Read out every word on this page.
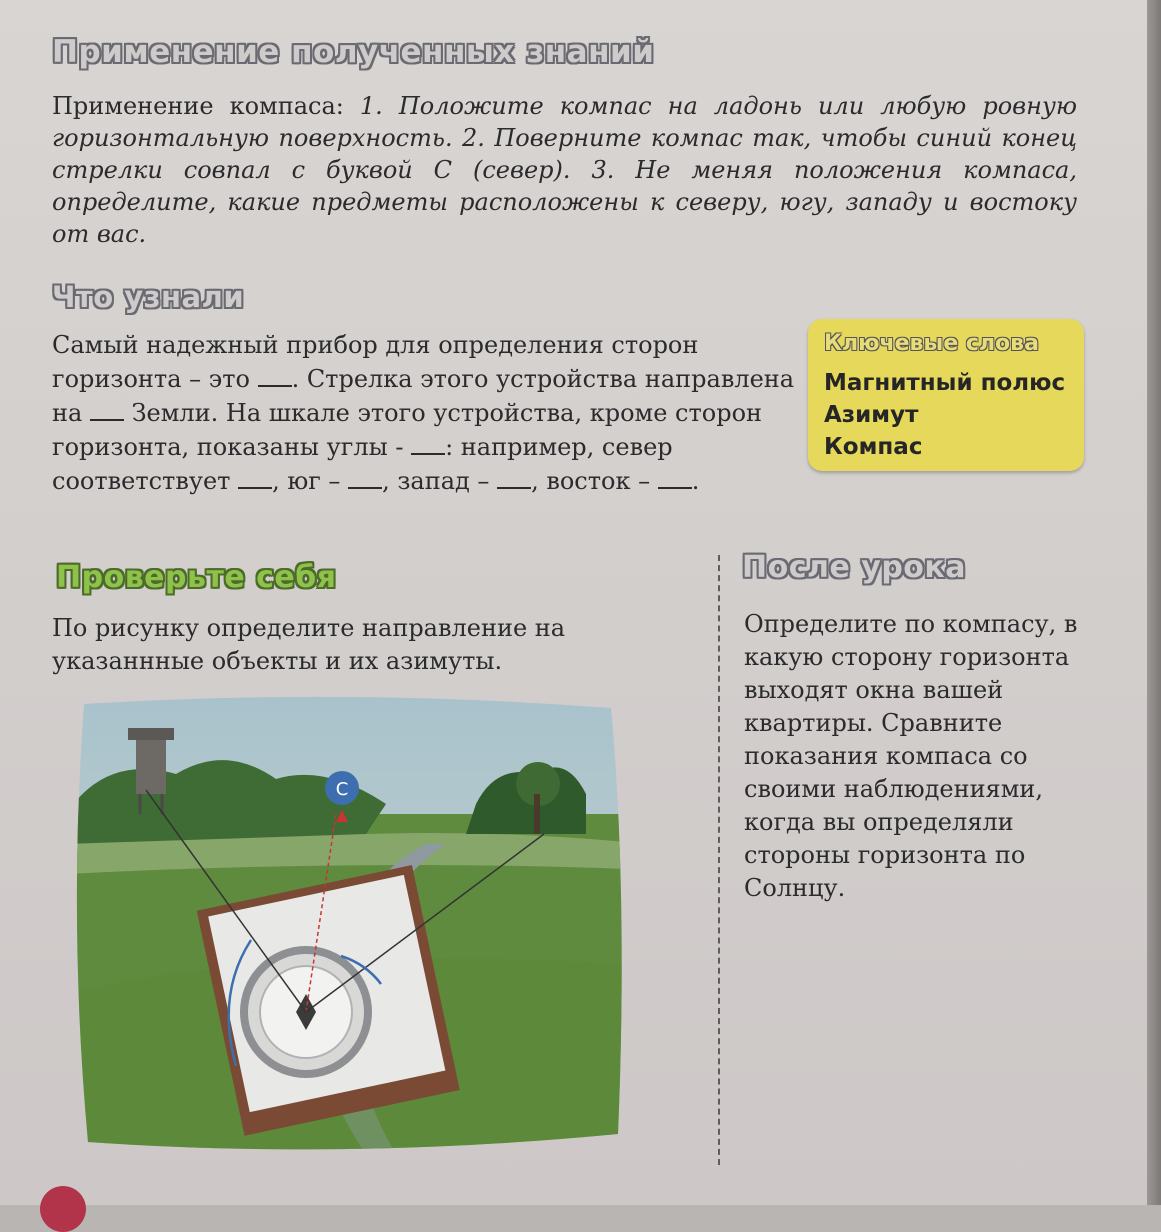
Применение полученных знаний

Применение компаса: 1. Положите компас на ладонь или любую ровную горизонтальную поверхность. 2. Поверните компас так, чтобы синий конец стрелки совпал с буквой С (север). 3. Не меняя положения компаса, определите, какие предметы расположены к северу, югу, западу и востоку от вас.

Что узнали

Самый надежный прибор для определения сторон горизонта – это . Стрелка этого устройства направлена на  Земли. На шкале этого устройства, кроме сторон горизонта, показаны углы - : например, север соответствует , юг – , запад – , восток – .

Ключевые слова

Магнитный полюс
Азимут
Компас
Проверьте себя

По рисунку определите направление на указаннные объекты и их азимуты.

После урока

Определите по компасу, в какую сторону горизонта выходят окна вашей квартиры. Сравните показания компаса со своими наблюдениями, когда вы определяли стороны горизонта по Солнцу.

С
